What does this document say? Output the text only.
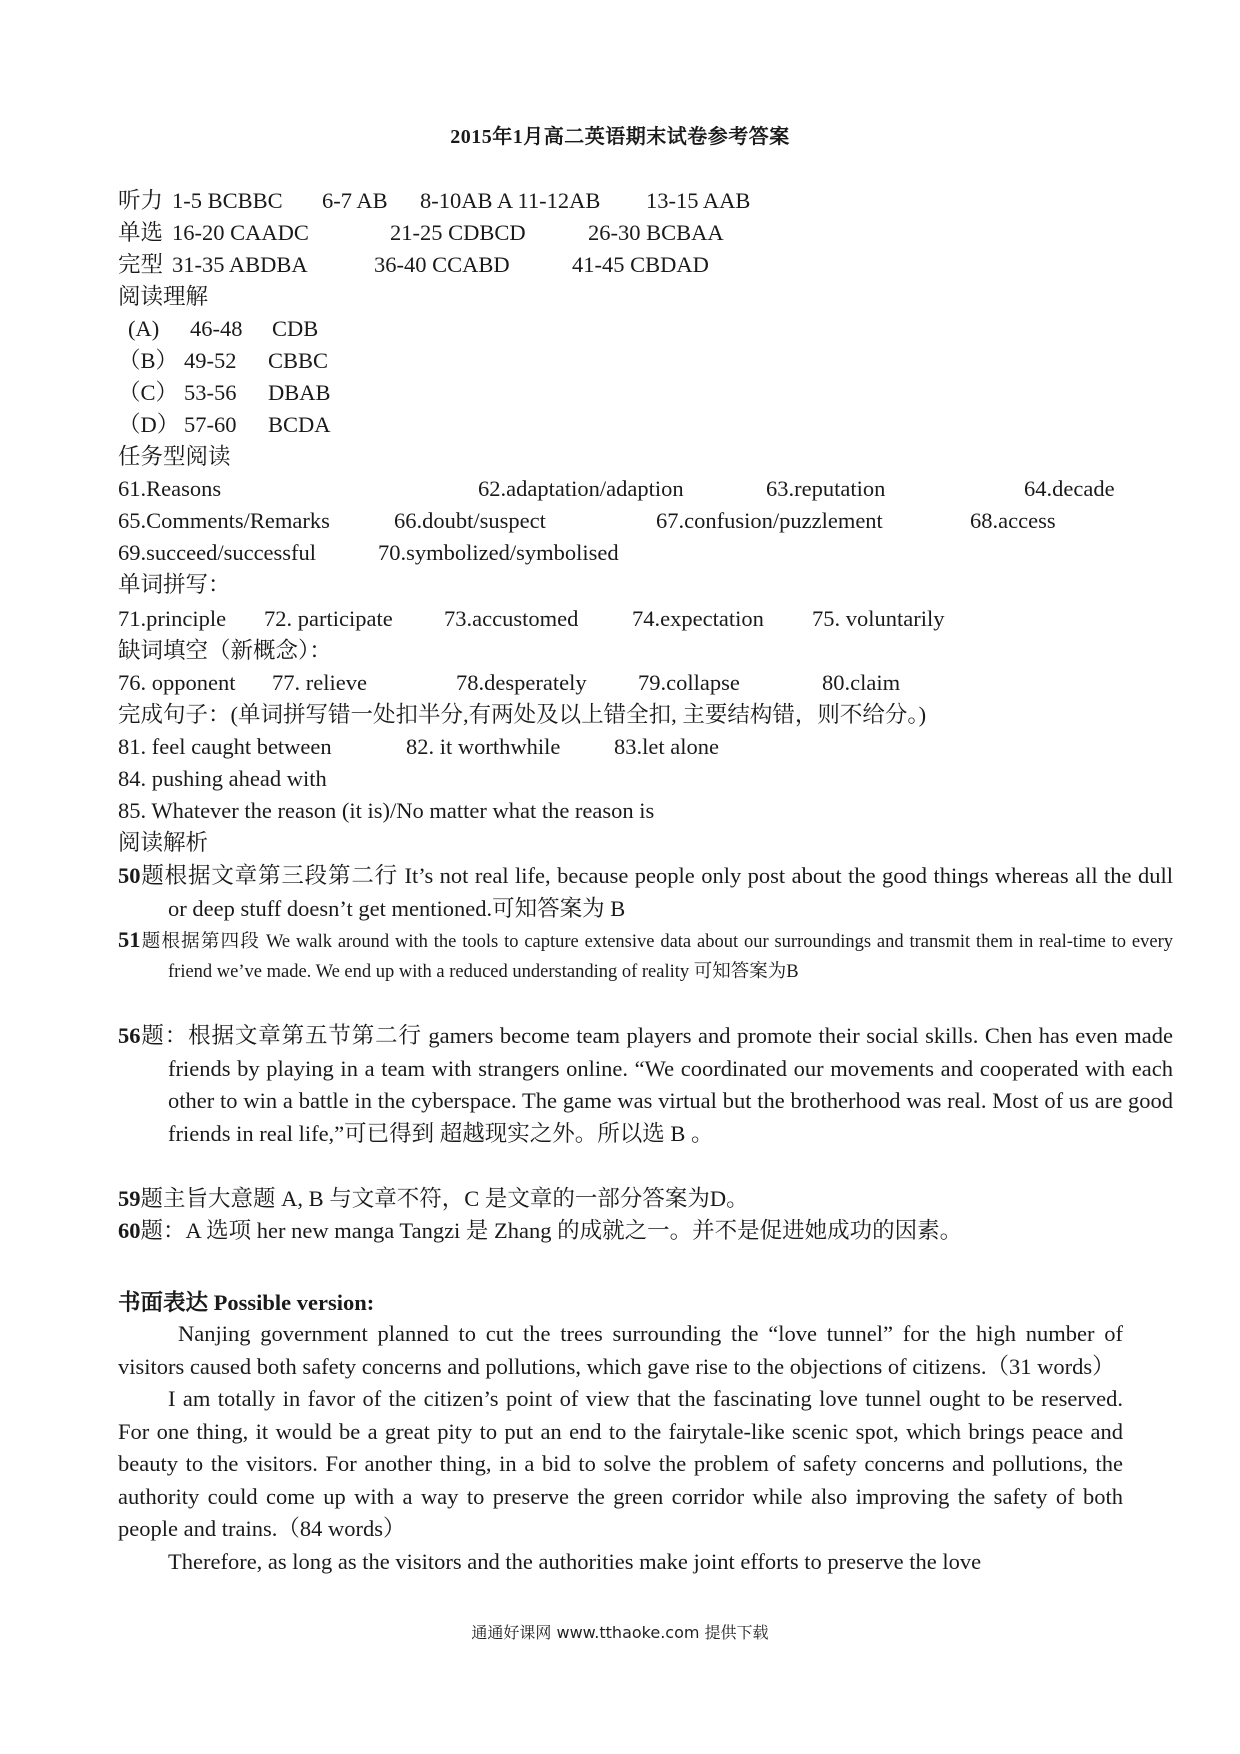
2015年1月高二英语期末试卷参考答案
听力 1-5 BCBBC 6-7 AB 8-10AB A 11-12AB 13-15 AAB
单选 16-20 CAADC	21-25 CDBCD	26-30 BCBAA
完型 31-35 ABDBA	36-40 CCABD	41-45 CBDAD
阅读理解
(A) 46-48 CDB
（B） 49-52 CBBC
（C） 53-56 DBAB
（D） 57-60 BCDA
任务型阅读
61.Reasons	62.adaptation/adaption	63.reputation	64.decade
65.Comments/Remarks	66.doubt/suspect	67.confusion/puzzlement	68.access
69.succeed/successful	70.symbolized/symbolised
单词拼写：
71.principle 72. participate 73.accustomed 74.expectation 75. voluntarily
缺词填空（新概念）：
76. opponent 77. relieve	78.desperately 79.collapse	80.claim
完成句子：(单词拼写错一处扣半分,有两处及以上错全扣, 主要结构错，则不给分。)
81. feel caught between	82. it worthwhile 83.let alone
84. pushing ahead with
85. Whatever the reason (it is)/No matter what the reason is
阅读解析
50题根据文章第三段第二行 It’s not real life, because people only post about the good things whereas all the dull or deep stuff doesn’t get mentioned.可知答案为 B
51题根据第四段 We walk around with the tools to capture extensive data about our surroundings and transmit them in real-time to every friend we’ve made. We end up with a reduced understanding of reality 可知答案为B
56题：根据文章第五节第二行 gamers become team players and promote their social skills. Chen has even made friends by playing in a team with strangers online. “We coordinated our movements and cooperated with each other to win a battle in the cyberspace. The game was virtual but the brotherhood was real. Most of us are good friends in real life,”可已得到 超越现实之外。所以选 B 。
59题主旨大意题 A, B 与文章不符，C 是文章的一部分答案为D。
60题：A 选项 her new manga Tangzi 是 Zhang 的成就之一。并不是促进她成功的因素。
书面表达 Possible version:

Nanjing government planned to cut the trees surrounding the “love tunnel” for the high number of visitors caused both safety concerns and pollutions, which gave rise to the objections of citizens.（31 words）

I am totally in favor of the citizen’s point of view that the fascinating love tunnel ought to be reserved. For one thing, it would be a great pity to put an end to the fairytale-like scenic spot, which brings peace and beauty to the visitors. For another thing, in a bid to solve the problem of safety concerns and pollutions, the authority could come up with a way to preserve the green corridor while also improving the safety of both people and trains.（84 words）

Therefore, as long as the visitors and the authorities make joint efforts to preserve the love

通通好课网 www.tthaoke.com 提供下载
